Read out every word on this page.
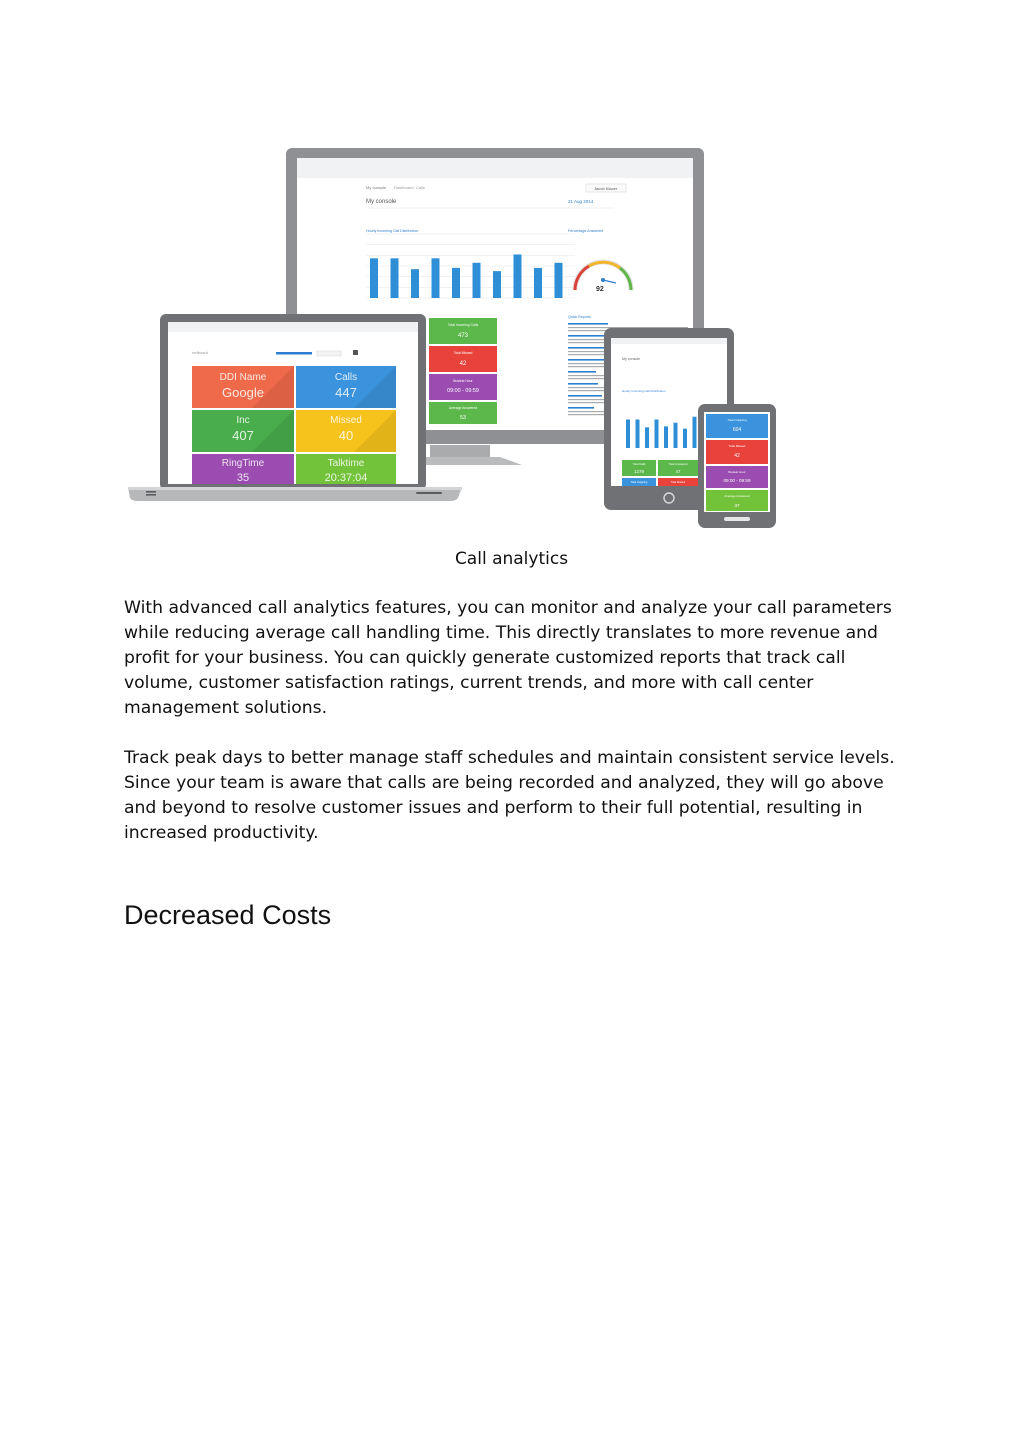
My console Dashboard Calls	Jacob Klacer
My console	21 Aug 2014
Hourly Incoming Call Distribution	Percentage Answered
92
Quick Reports
Total Incoming Calls
473
Total Missed
42
Busiest Hour
09:00 - 09:59
Average Answered
53
redboard
DDI Name
Google
Calls
447
Inc
407
Missed
40
RingTime
35
Talktime
20:37:04
My console
Hourly Incoming Call Distribution
Total Calls
1279
Total Answered
47
Total Outgoing	Total Missed
Total Outgoing
604
Total Missed
42
Busiest Hour
09:00 - 09:59
Average Answered
37
Call analytics

With advanced call analytics features, you can monitor and analyze your call parameters while reducing average call handling time. This directly translates to more revenue and profit for your business. You can quickly generate customized reports that track call volume, customer satisfaction ratings, current trends, and more with call center management solutions.

Track peak days to better manage staff schedules and maintain consistent service levels. Since your team is aware that calls are being recorded and analyzed, they will go above and beyond to resolve customer issues and perform to their full potential, resulting in increased productivity.

Decreased Costs
